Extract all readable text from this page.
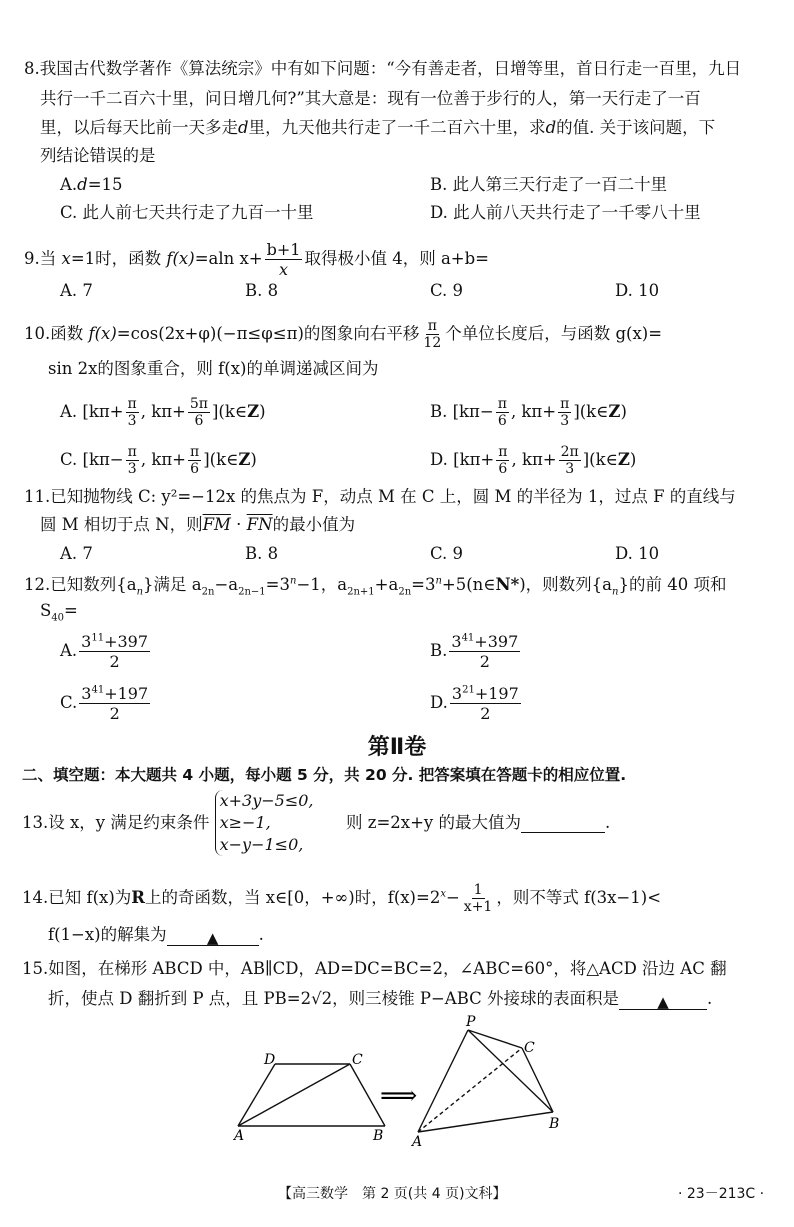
8.我国古代数学著作《算法统宗》中有如下问题：“今有善走者，日增等里，首日行走一百里，九日
共行一千二百六十里，问日增几何?”其大意是：现有一位善于步行的人，第一天行走了一百
里，以后每天比前一天多走d里，九天他共行走了一千二百六十里，求d的值. 关于该问题，下
列结论错误的是
A.d=15	B. 此人第三天行走了一百二十里
C. 此人前七天共行走了九百一十里	D. 此人前八天共行走了一千零八十里
9.当 x=1时，函数 f(x)=aln $x+ \frac{b+1}{x}$ 取得极小值 4，则 a+b=
A. 7	B. 8	C. 9	D. 10
10.函数 f(x)=cos(2x+φ)(−π≤φ≤π)的图象向右平移 $\frac{\pi}{12}$ 个单位长度后，与函数 g(x)=
sin 2x的图象重合，则 f(x)的单调递减区间为
A. [$k\pi+ \frac{\pi}{3}$ , $k\pi+ \frac{5\pi}{6}$ ](k∈Z)	B. [$k\pi- \frac{\pi}{6}$ , $k\pi+ \frac{\pi}{3}$ ](k∈Z)
C. [$k\pi- \frac{\pi}{3}$ , $k\pi+ \frac{\pi}{6}$ ](k∈Z)	D. [$k\pi+ \frac{\pi}{6}$ , $k\pi+ \frac{2\pi}{3}$ ](k∈Z)
11.已知抛物线 C: y²=−12x 的焦点为 F，动点 M 在 C 上，圆 M 的半径为 1，过点 F 的直线与
圆 M 相切于点 N，则$\overline{FM} \cdot \overline{FN}$的最小值为
A. 7	B. 8	C. 9	D. 10
12.已知数列$\{a_n\}$满足 $a_{2n}-a_{2n-1}=3^n-1$，$a_{2n+1}+a_{2n}=3^n+5(n\in N*)$，则数列$\{a_n\}$的前 40 项和
$S_{40}=$
A. $\frac{3^{11}+397}{2}$	B. $\frac{3^{41}+397}{2}$
C. $\frac{3^{41}+197}{2}$	D. $\frac{3^{21}+197}{2}$
第Ⅱ卷
二、填空题：本大题共 4 小题，每小题 5 分，共 20 分. 把答案填在答题卡的相应位置.
13.设 x，y 满足约束条件 x+3y−5≤0,
x≥−1,
x−y−1≤0,  则 z=2x+y 的最大值为	.
14.已知 f(x)为R上的奇函数，当 x∈[0，+∞)时，$f(x)=2^x- \frac{1}{x+1}$ ，则不等式 f(3x−1)<
f(1−x)的解集为	▲ .
15.如图，在梯形 ABCD 中，AB∥CD，AD=DC=BC=2，∠ABC=60°，将△ACD 沿边 AC 翻
折，使点 D 翻折到 P 点，且 PB=2√2，则三棱锥 P−ABC 外接球的表面积是	▲ .
D	C
A	B
⟹
P
C
A
B
【高三数学　第 2 页(共 4 页)文科】	· 23－213C ·
